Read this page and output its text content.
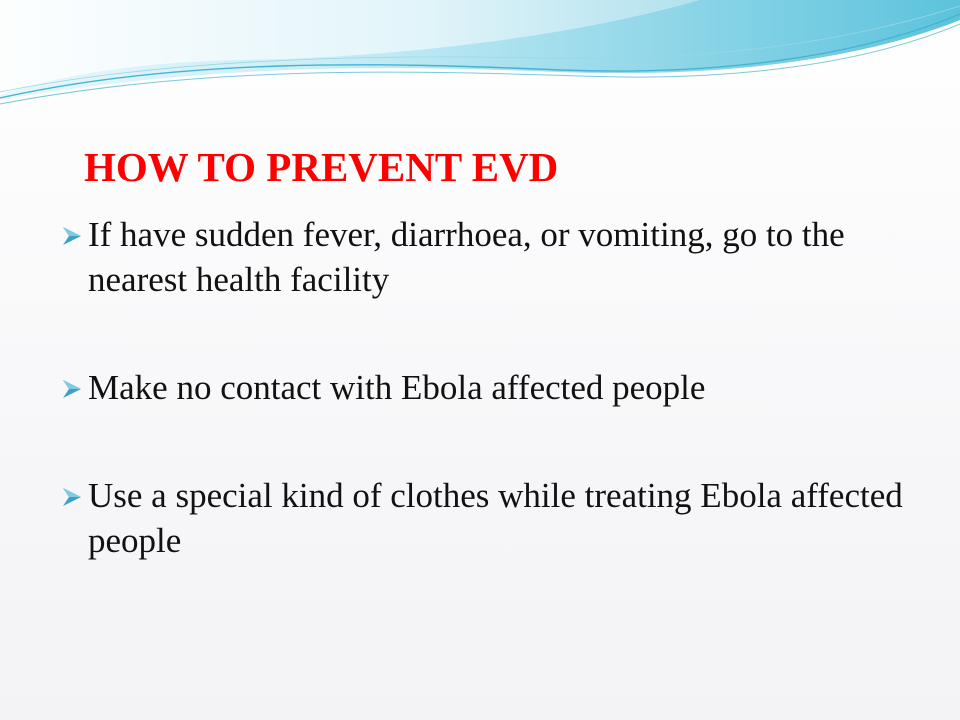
HOW TO PREVENT EVD
If have sudden fever, diarrhoea, or vomiting, go to the nearest health facility
Make no contact with Ebola affected people
Use a special kind of clothes while treating Ebola affected people
